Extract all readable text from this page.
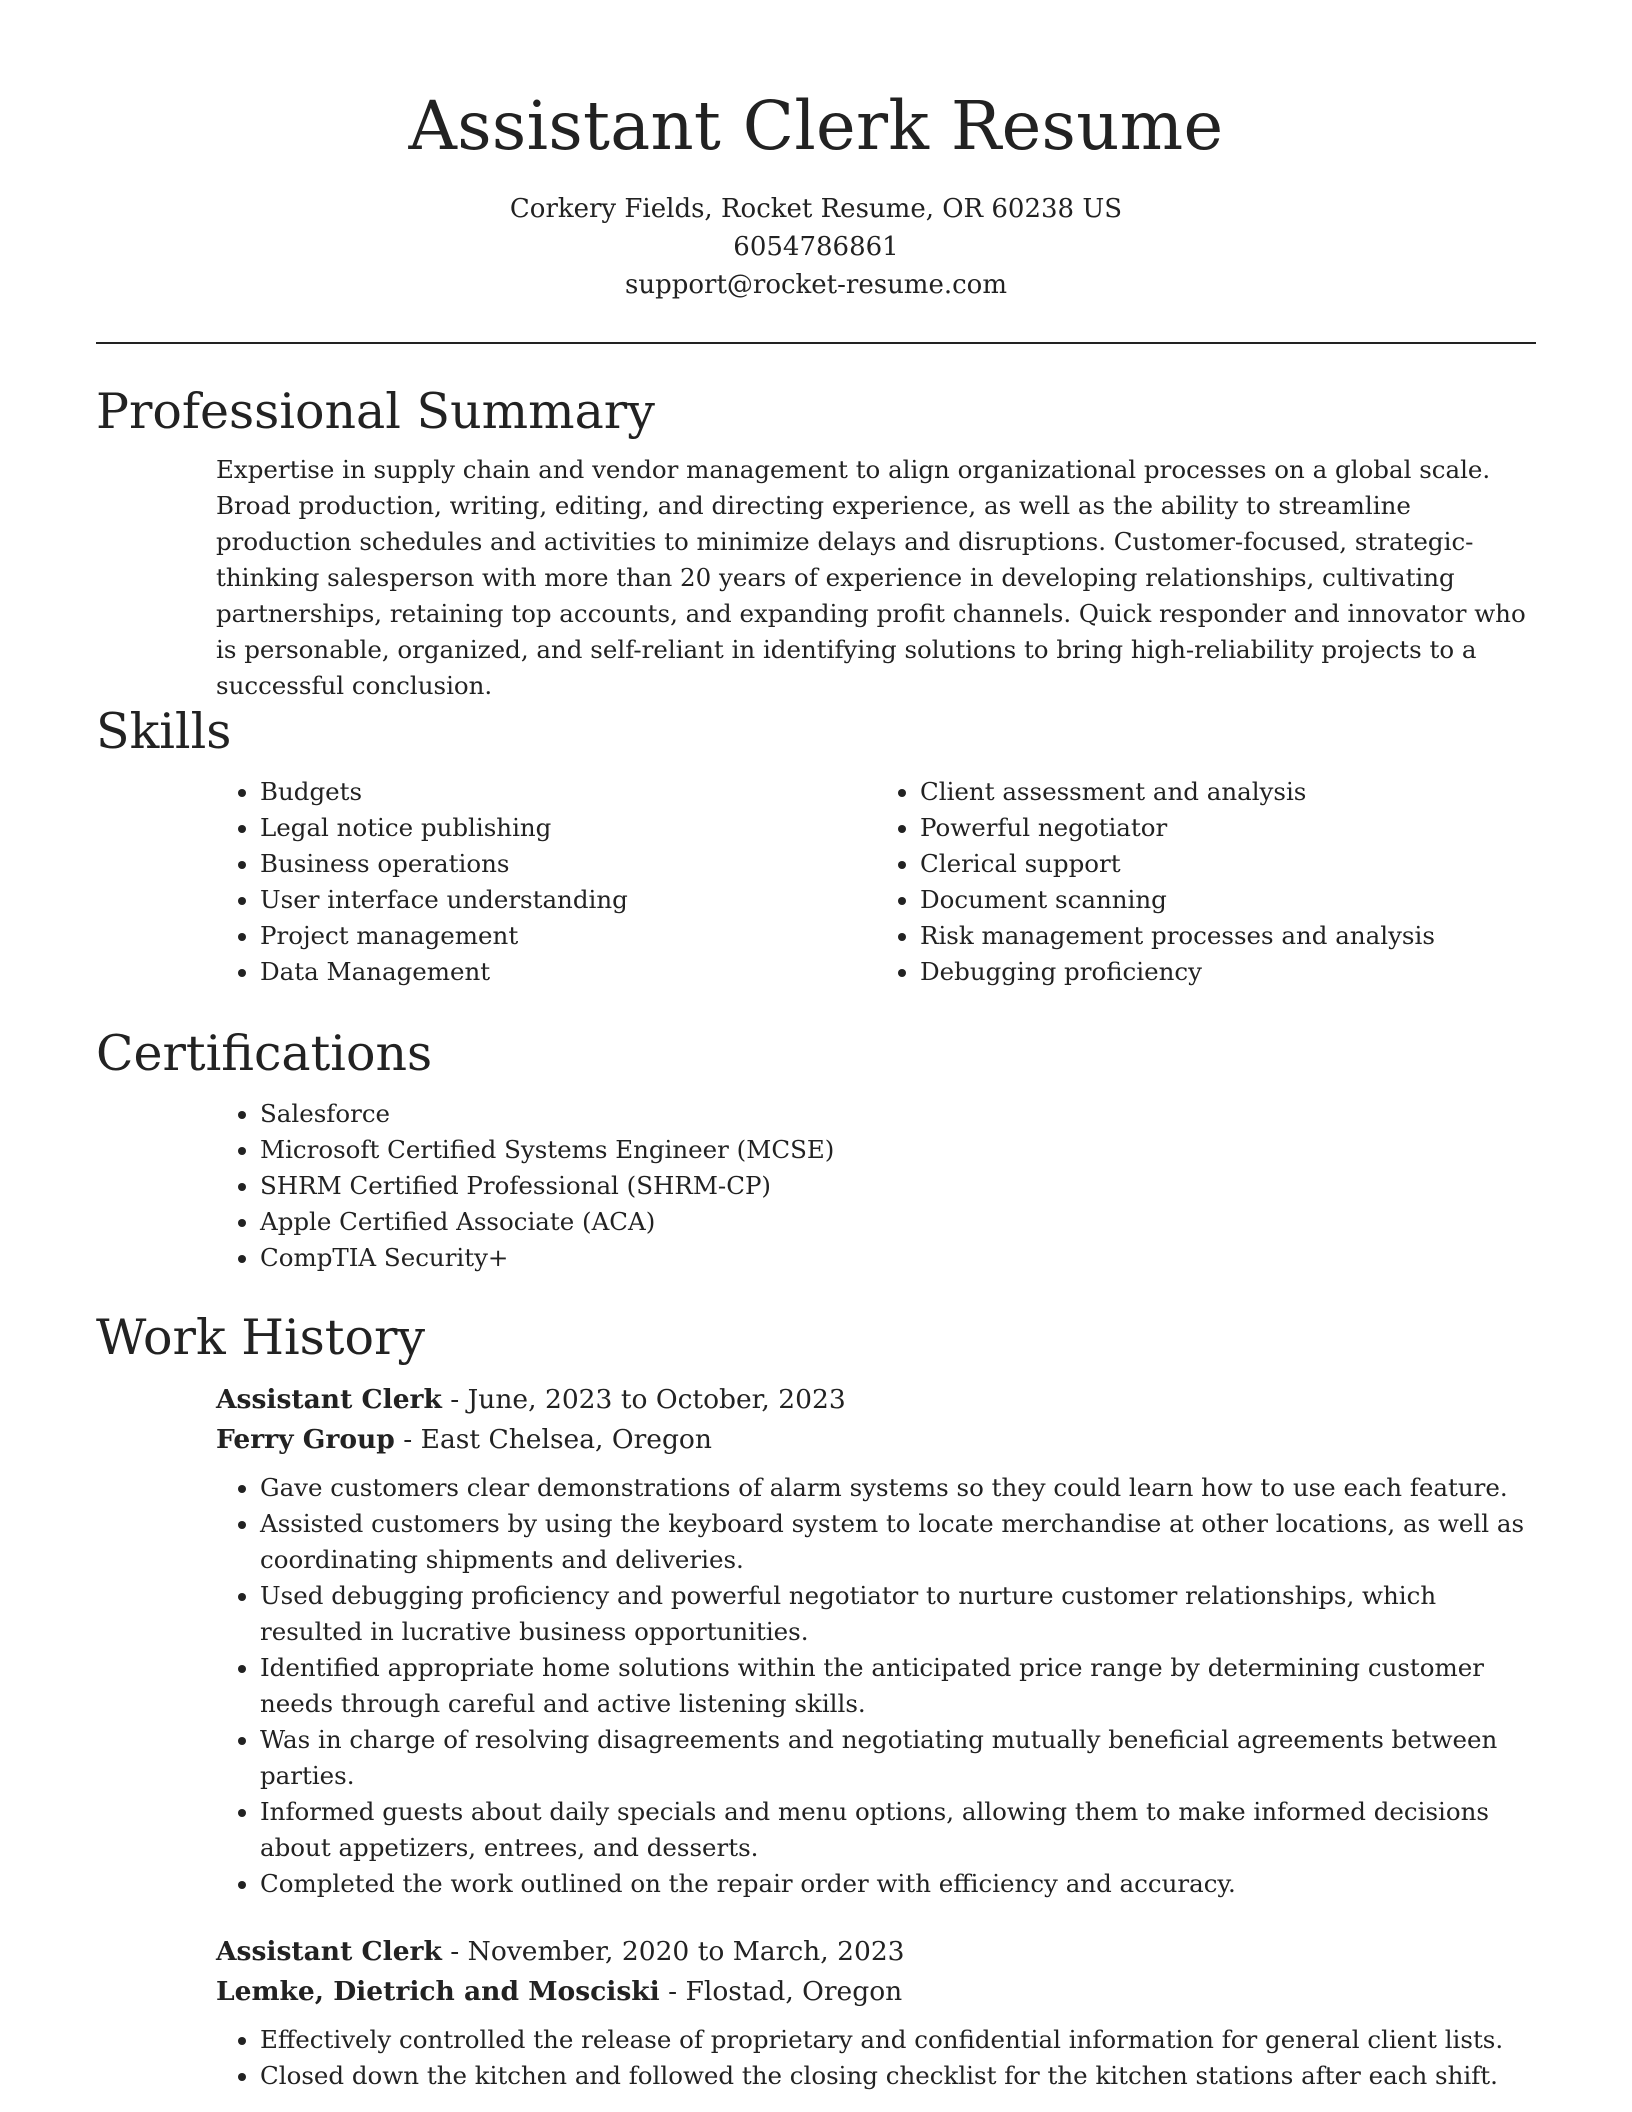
Assistant Clerk Resume
Corkery Fields, Rocket Resume, OR 60238 US
6054786861
support@rocket-resume.com
Professional Summary

Expertise in supply chain and vendor management to align organizational processes on a global scale. Broad production, writing, editing, and directing experience, as well as the ability to streamline production schedules and activities to minimize delays and disruptions. Customer-focused, strategic-thinking salesperson with more than 20 years of experience in developing relationships, cultivating partnerships, retaining top accounts, and expanding profit channels. Quick responder and innovator who is personable, organized, and self-reliant in identifying solutions to bring high-reliability projects to a successful conclusion.

Skills
• Budgets
• Legal notice publishing
• Business operations
• User interface understanding
• Project management
• Data Management
• Client assessment and analysis
• Powerful negotiator
• Clerical support
• Document scanning
• Risk management processes and analysis
• Debugging proficiency
Certifications
• Salesforce
• Microsoft Certified Systems Engineer (MCSE)
• SHRM Certified Professional (SHRM-CP)
• Apple Certified Associate (ACA)
• CompTIA Security+
Work History
Assistant Clerk - June, 2023 to October, 2023
Ferry Group - East Chelsea, Oregon
• Gave customers clear demonstrations of alarm systems so they could learn how to use each feature.
• Assisted customers by using the keyboard system to locate merchandise at other locations, as well as coordinating shipments and deliveries.
• Used debugging proficiency and powerful negotiator to nurture customer relationships, which resulted in lucrative business opportunities.
• Identified appropriate home solutions within the anticipated price range by determining customer needs through careful and active listening skills.
• Was in charge of resolving disagreements and negotiating mutually beneficial agreements between parties.
• Informed guests about daily specials and menu options, allowing them to make informed decisions about appetizers, entrees, and desserts.
• Completed the work outlined on the repair order with efficiency and accuracy.
Assistant Clerk - November, 2020 to March, 2023
Lemke, Dietrich and Mosciski - Flostad, Oregon
• Effectively controlled the release of proprietary and confidential information for general client lists.
• Closed down the kitchen and followed the closing checklist for the kitchen stations after each shift.
